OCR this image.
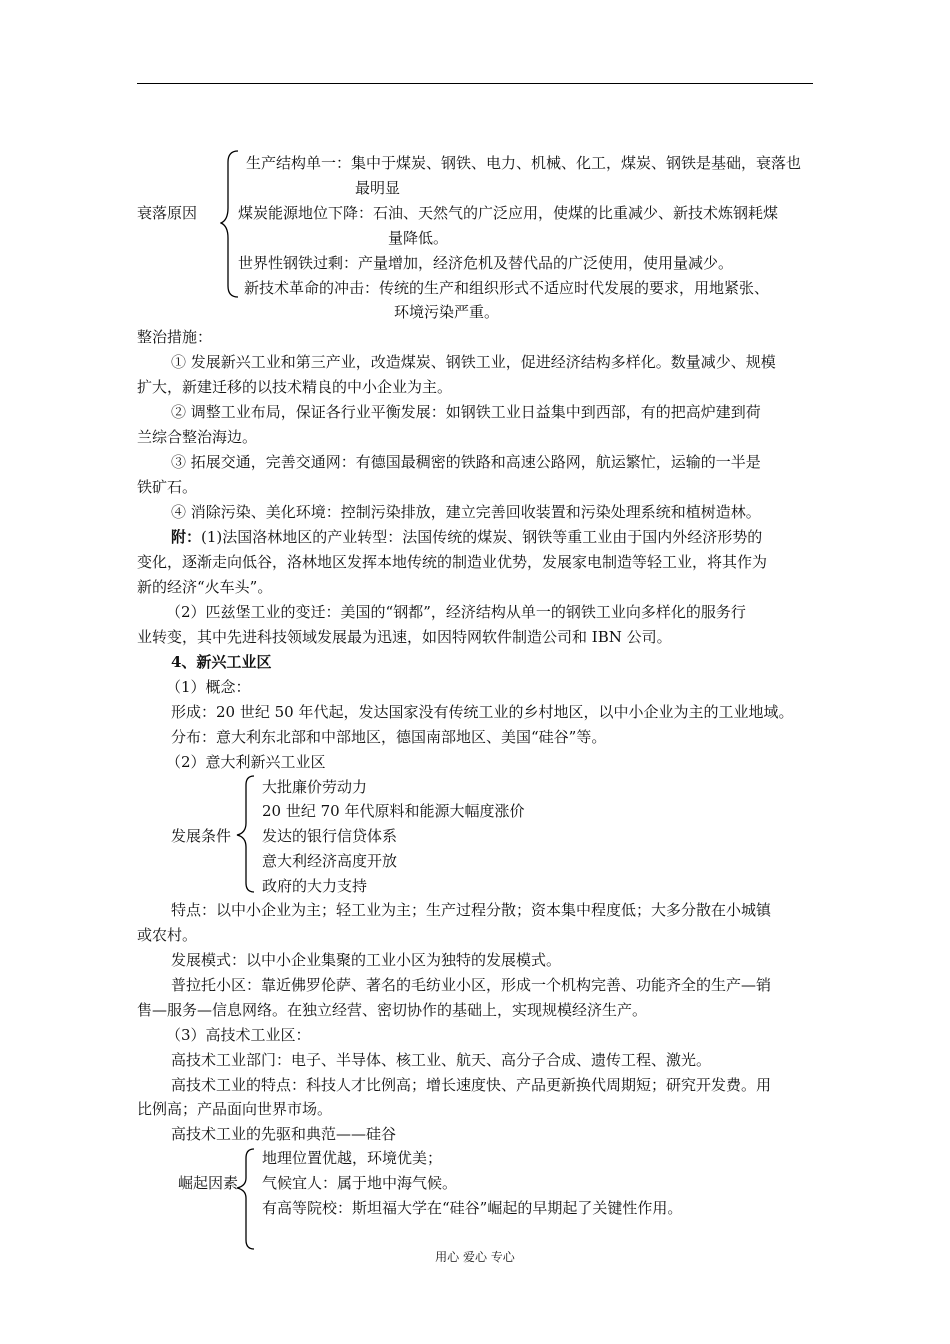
衰落原因
生产结构单一：集中于煤炭、钢铁、电力、机械、化工，煤炭、钢铁是基础，衰落也
最明显
煤炭能源地位下降：石油、天然气的广泛应用，使煤的比重减少、新技术炼钢耗煤
量降低。
世界性钢铁过剩：产量增加，经济危机及替代品的广泛使用，使用量减少。
新技术革命的冲击：传统的生产和组织形式不适应时代发展的要求，用地紧张、
环境污染严重。
整治措施：
① 发展新兴工业和第三产业，改造煤炭、钢铁工业，促进经济结构多样化。数量减少、规模
扩大，新建迁移的以技术精良的中小企业为主。
② 调整工业布局，保证各行业平衡发展：如钢铁工业日益集中到西部，有的把高炉建到荷
兰综合整治海边。
③ 拓展交通，完善交通网：有德国最稠密的铁路和高速公路网，航运繁忙，运输的一半是
铁矿石。
④ 消除污染、美化环境：控制污染排放，建立完善回收装置和污染处理系统和植树造林。
附： (1)法国洛林地区的产业转型：法国传统的煤炭、钢铁等重工业由于国内外经济形势的
变化，逐渐走向低谷，洛林地区发挥本地传统的制造业优势，发展家电制造等轻工业，将其作为
新的经济“火车头”。
（2）匹兹堡工业的变迁：美国的“钢都”，经济结构从单一的钢铁工业向多样化的服务行
业转变，其中先进科技领域发展最为迅速，如因特网软件制造公司和 IBN 公司。
4、新兴工业区
（1）概念：
形成：20 世纪 50 年代起，发达国家没有传统工业的乡村地区，以中小企业为主的工业地域。
分布：意大利东北部和中部地区，德国南部地区、美国“硅谷”等。
（2）意大利新兴工业区
发展条件
大批廉价劳动力
20 世纪 70 年代原料和能源大幅度涨价
发达的银行信贷体系
意大利经济高度开放
政府的大力支持
特点：以中小企业为主；轻工业为主；生产过程分散；资本集中程度低；大多分散在小城镇
或农村。
发展模式：以中小企业集聚的工业小区为独特的发展模式。
普拉托小区：靠近佛罗伦萨、著名的毛纺业小区，形成一个机构完善、功能齐全的生产—销
售—服务—信息网络。在独立经营、密切协作的基础上，实现规模经济生产。
（3）高技术工业区：
高技术工业部门：电子、半导体、核工业、航天、高分子合成、遗传工程、激光。
高技术工业的特点：科技人才比例高；增长速度快、产品更新换代周期短；研究开发费。用
比例高；产品面向世界市场。
高技术工业的先驱和典范——硅谷
崛起因素
地理位置优越，环境优美；
气候宜人：属于地中海气候。
有高等院校：斯坦福大学在“硅谷”崛起的早期起了关键性作用。
用心 爱心 专心
